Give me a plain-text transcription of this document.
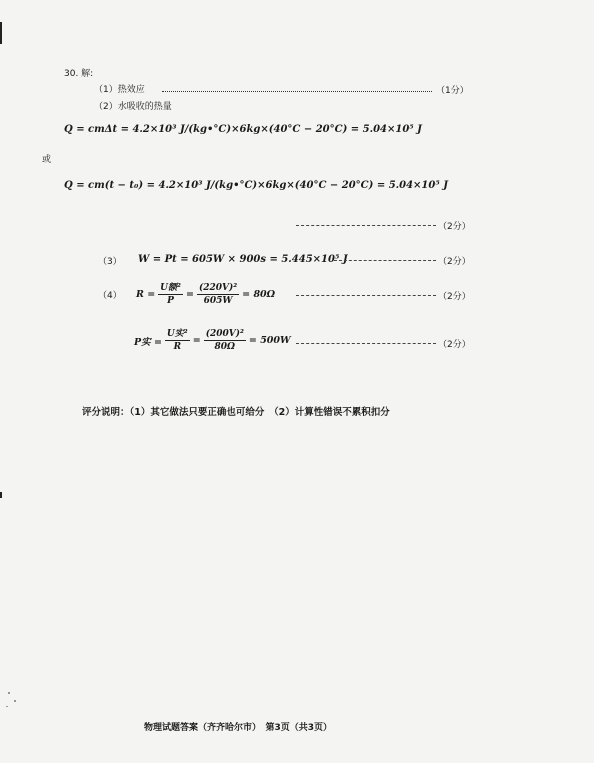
30. 解:
（1）热效应	（1分）
（2）水吸收的热量
Q = cmΔt = 4.2×10³ J/(kg•°C)×6kg×(40°C − 20°C) = 5.04×10⁵ J
或
Q = cm(t − t₀) = 4.2×10³ J/(kg•°C)×6kg×(40°C − 20°C) = 5.04×10⁵ J
（2分）
（3） W = Pt = 605W × 900s = 5.445×10⁵ J	（2分）
（4） $R = \frac{\text{U额²}}{P} = \frac{\text{(220V)²}}{605W} = 80\Omega$	（2分）
P实 = $\frac{\text{U实²}}{R} = \frac{\text{(200V)²}}{80\Omega} = 500W$	（2分）
评分说明：（1）其它做法只要正确也可给分　（2）计算性错误不累积扣分
物理试题答案（齐齐哈尔市）　第3页（共3页）
